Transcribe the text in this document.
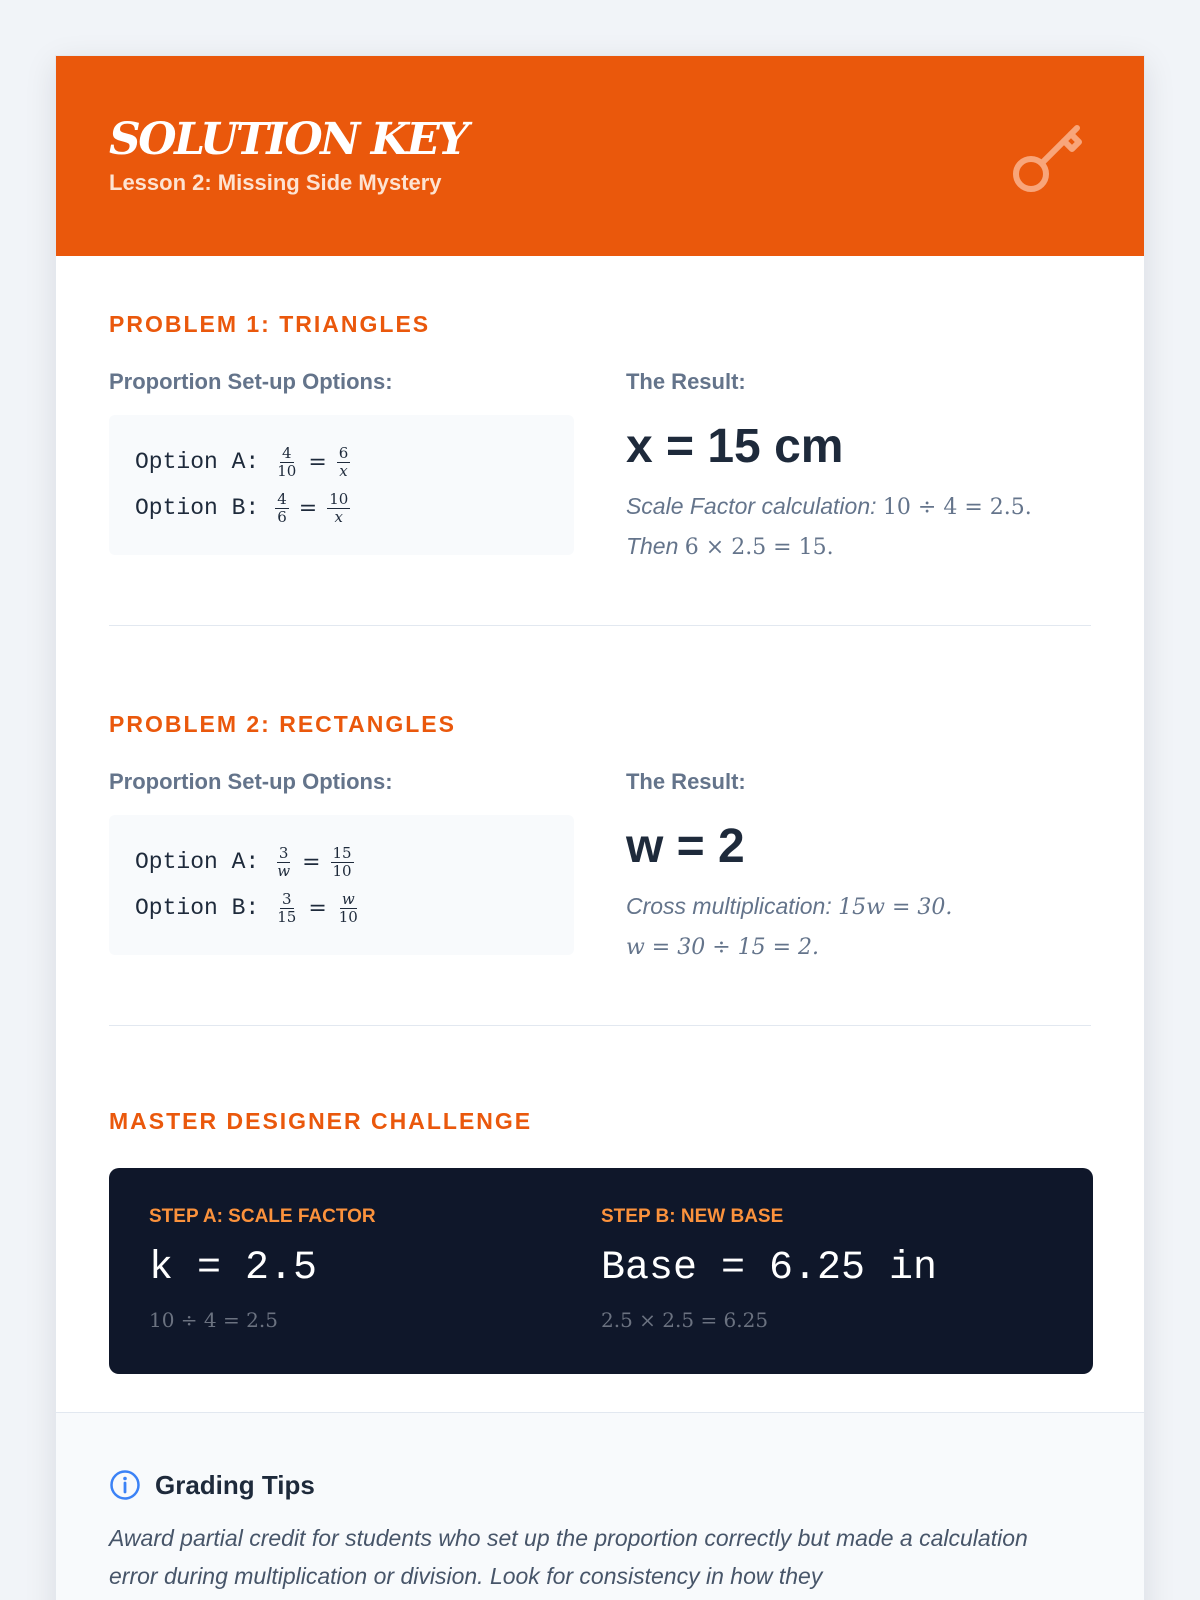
SOLUTION KEY
Lesson 2: Missing Side Mystery
PROBLEM 1: TRIANGLES
Proportion Set-up Options:
Option A: $\frac{4}{10} = \frac{6}{x}$
Option B: $\frac{4}{6} = \frac{10}{x}$
The Result:
x = 15 cm
Scale Factor calculation: 10 ÷ 4 = 2.5.
Then 6 × 2.5 = 15.
PROBLEM 2: RECTANGLES
Proportion Set-up Options:
Option A: $\frac{3}{w} = \frac{15}{10}$
Option B: $\frac{3}{15} = \frac{w}{10}$
The Result:
w = 2
Cross multiplication: 15w = 30.
w = 30 ÷ 15 = 2.
MASTER DESIGNER CHALLENGE
STEP A: SCALE FACTOR
k = 2.5
10 ÷ 4 = 2.5
STEP B: NEW BASE
Base = 6.25 in
2.5 × 2.5 = 6.25
Grading Tips
Award partial credit for students who set up the proportion correctly but made a calculation error during multiplication or division. Look for consistency in how they
